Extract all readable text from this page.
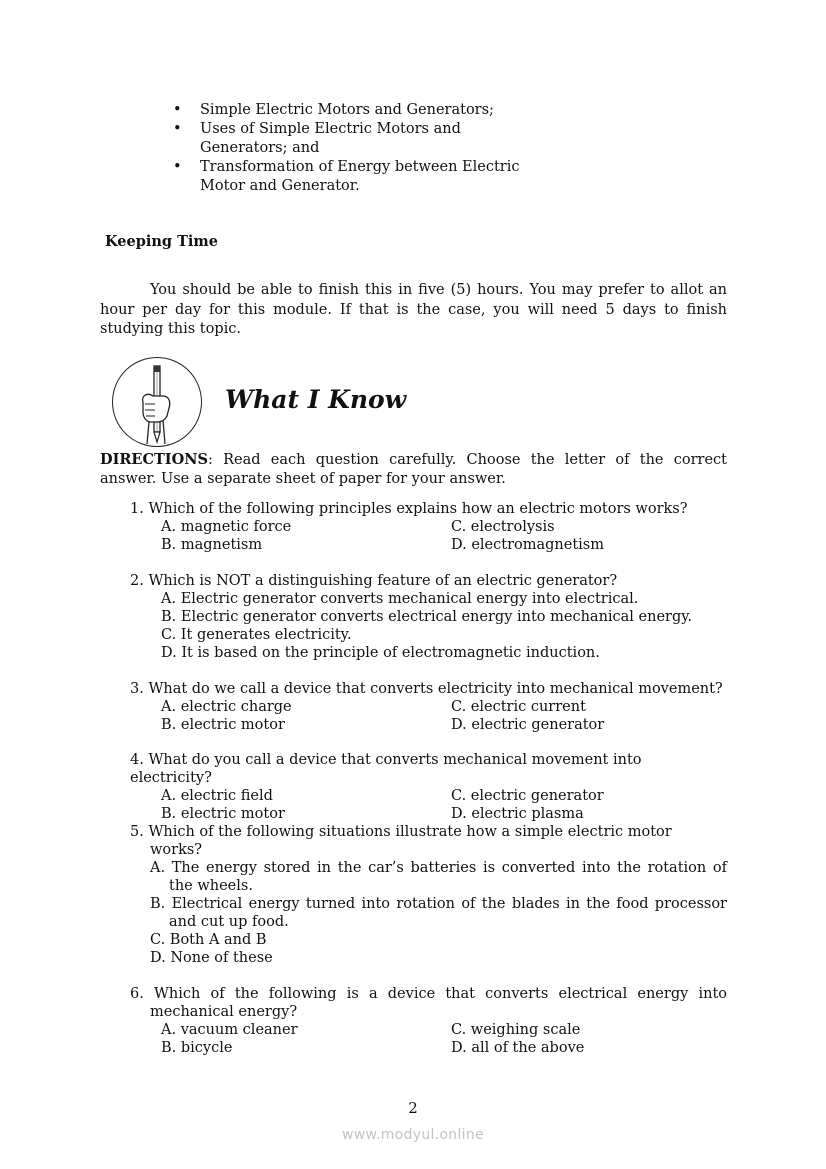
• Simple Electric Motors and Generators;
• Uses of Simple Electric Motors and Generators; and
• Transformation of Energy between Electric Motor and Generator.
Keeping Time
You should be able to finish this in five (5) hours. You may prefer to allot an hour per day for this module. If that is the case, you will need 5 days to finish studying this topic.
What I Know
DIRECTIONS: Read each question carefully. Choose the letter of the correct answer. Use a separate sheet of paper for your answer.
1. Which of the following principles explains how an electric motors works?
A. magnetic force	C. electrolysis
B. magnetism	D. electromagnetism
2. Which is NOT a distinguishing feature of an electric generator?
A. Electric generator converts mechanical energy into electrical.
B. Electric generator converts electrical energy into mechanical energy.
C. It generates electricity.
D. It is based on the principle of electromagnetic induction.
3. What do we call a device that converts electricity into mechanical movement?
A. electric charge	C. electric current
B. electric motor	D. electric generator
4. What do you call a device that converts mechanical movement into electricity?
A. electric field	C. electric generator
B. electric motor	D. electric plasma
5. Which of the following situations illustrate how a simple electric motor works?
A. The energy stored in the car’s batteries is converted into the rotation of the wheels.
B. Electrical energy turned into rotation of the blades in the food processor and cut up food.
C. Both A and B
D. None of these
6. Which of the following is a device that converts electrical energy into mechanical energy?
A. vacuum cleaner	C. weighing scale
B. bicycle	D. all of the above
2
www.modyul.online
